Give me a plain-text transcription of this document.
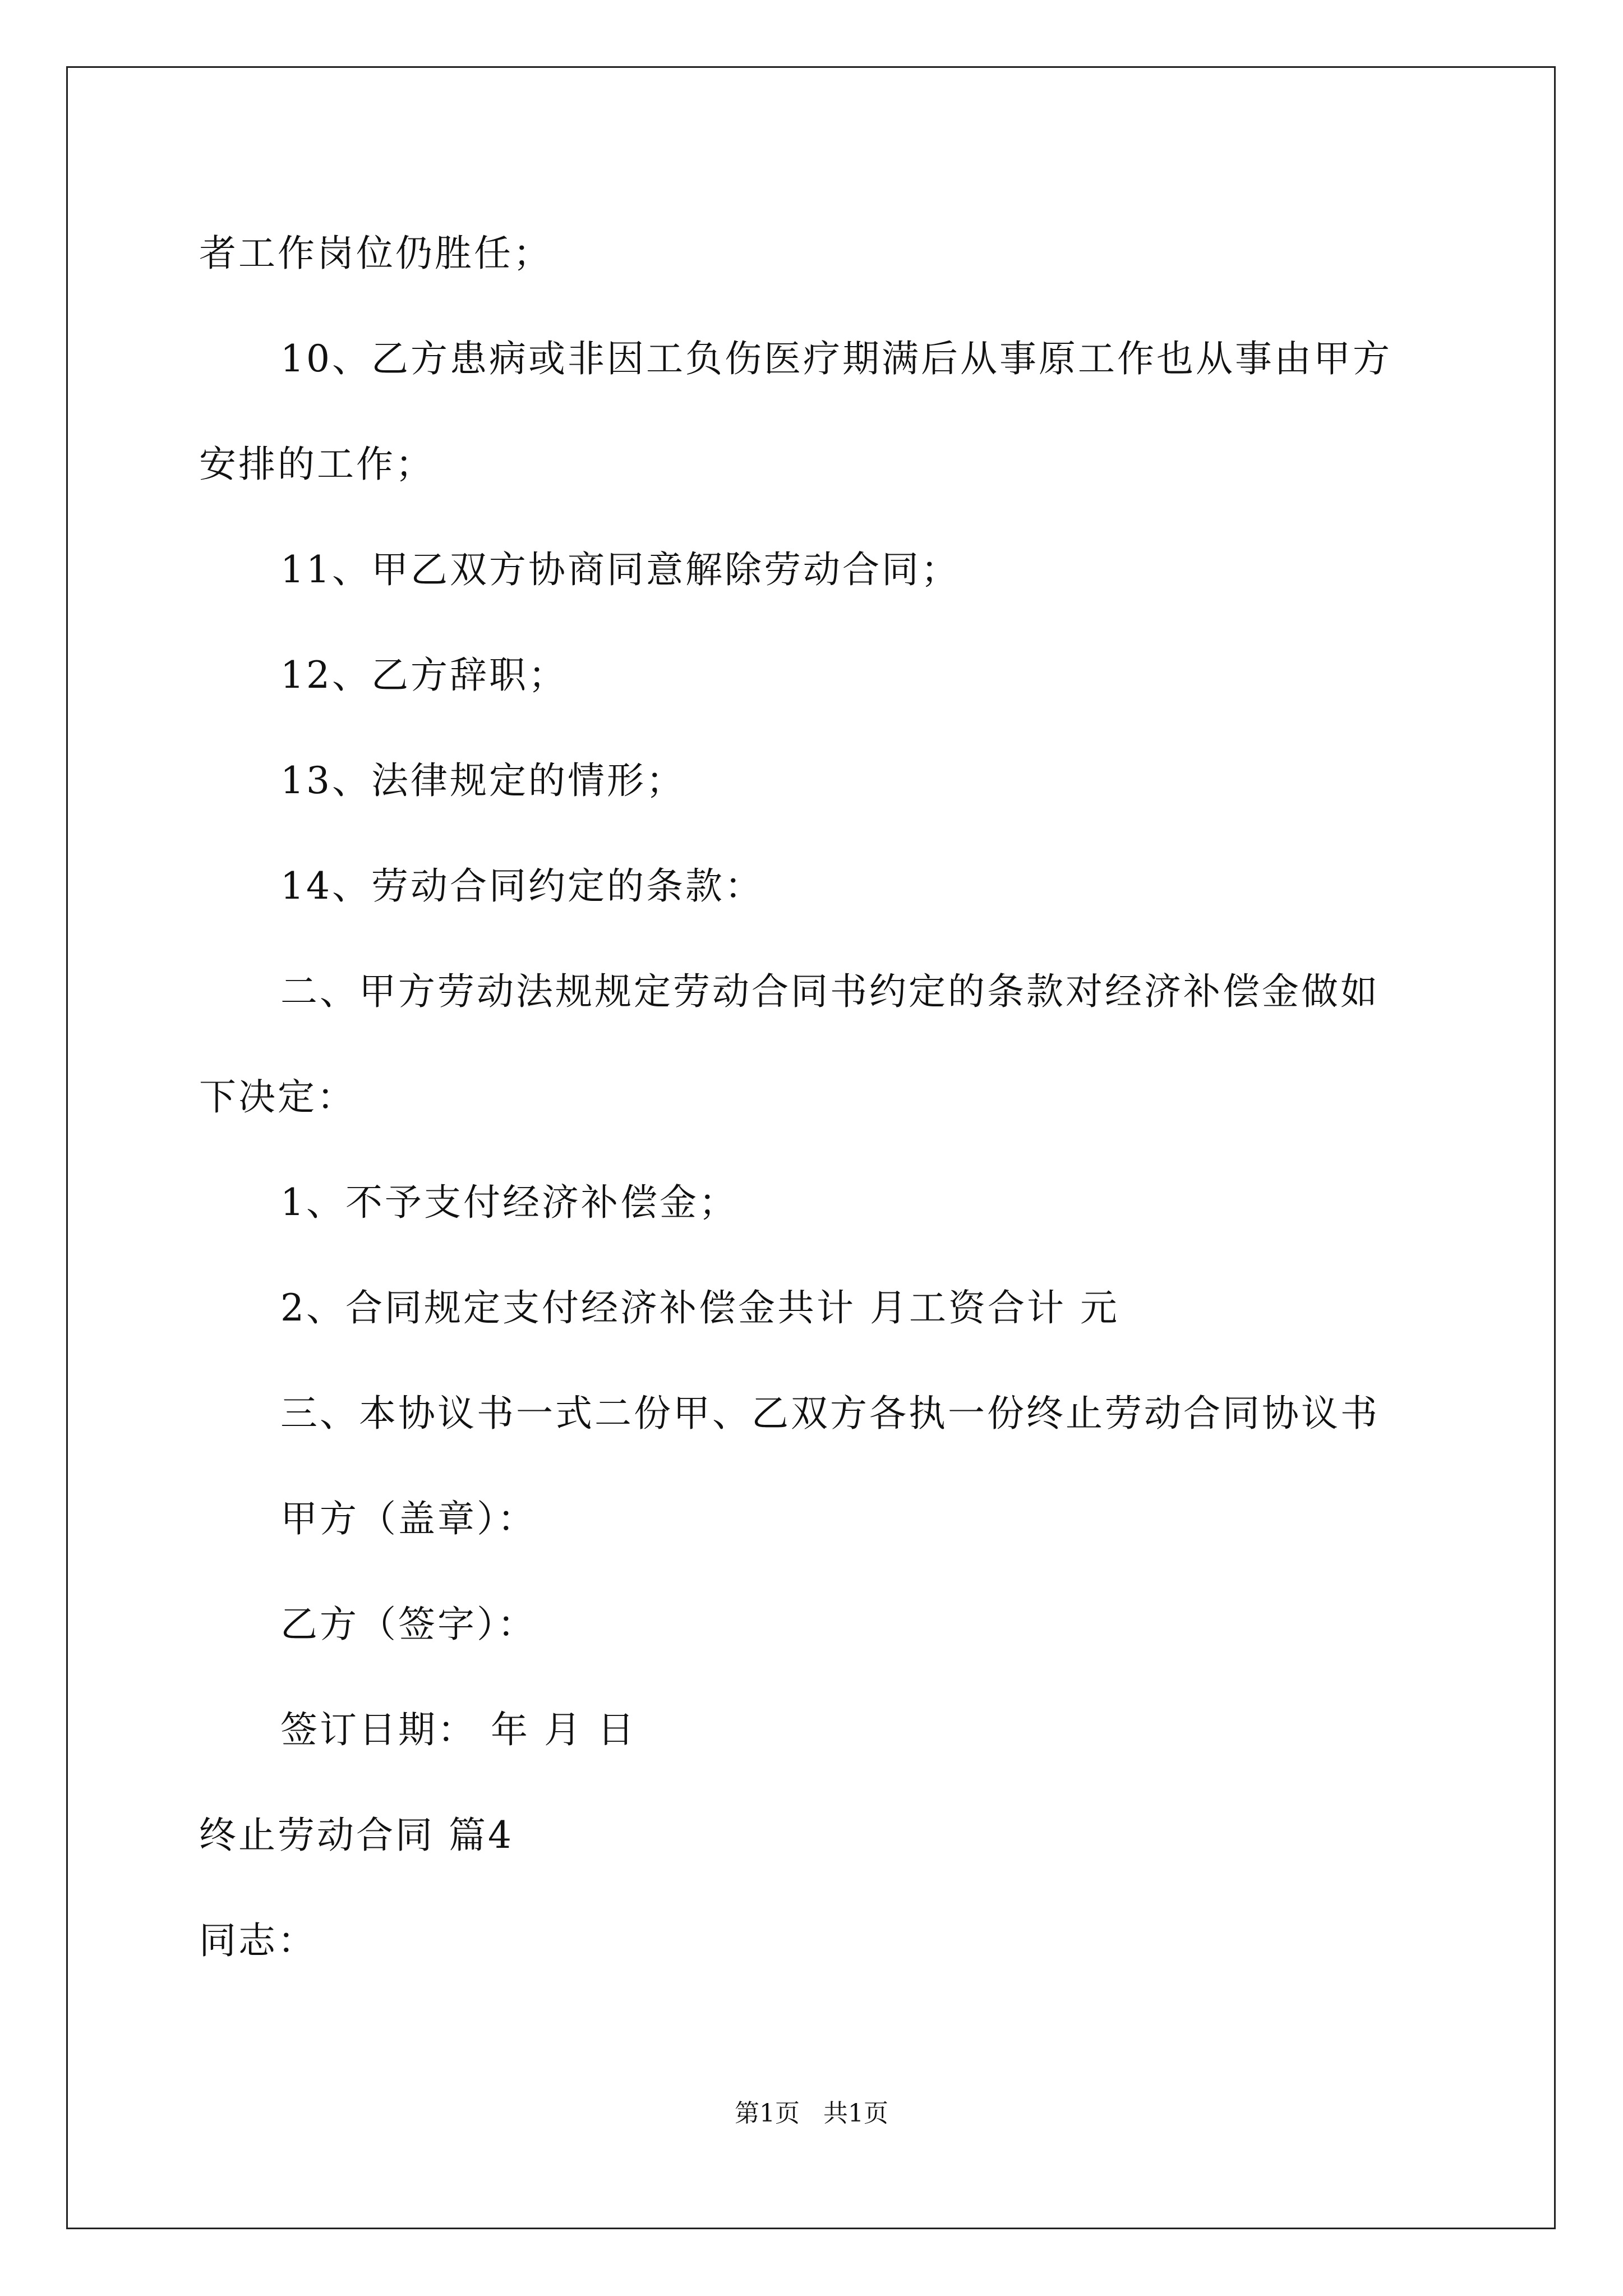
者工作岗位仍胜任；
10、乙方患病或非因工负伤医疗期满后从事原工作也从事由甲方
安排的工作；
11、甲乙双方协商同意解除劳动合同；
12、乙方辞职；
13、法律规定的情形；
14、劳动合同约定的条款：
二、甲方劳动法规规定劳动合同书约定的条款对经济补偿金做如
下决定：
1、不予支付经济补偿金；
2、合同规定支付经济补偿金共计 月工资合计 元
三、本协议书一式二份甲、乙双方各执一份终止劳动合同协议书
甲方（盖章）：
乙方（签字）：
签订日期： 年 月 日
终止劳动合同 篇4
同志：
第1页 共1页
